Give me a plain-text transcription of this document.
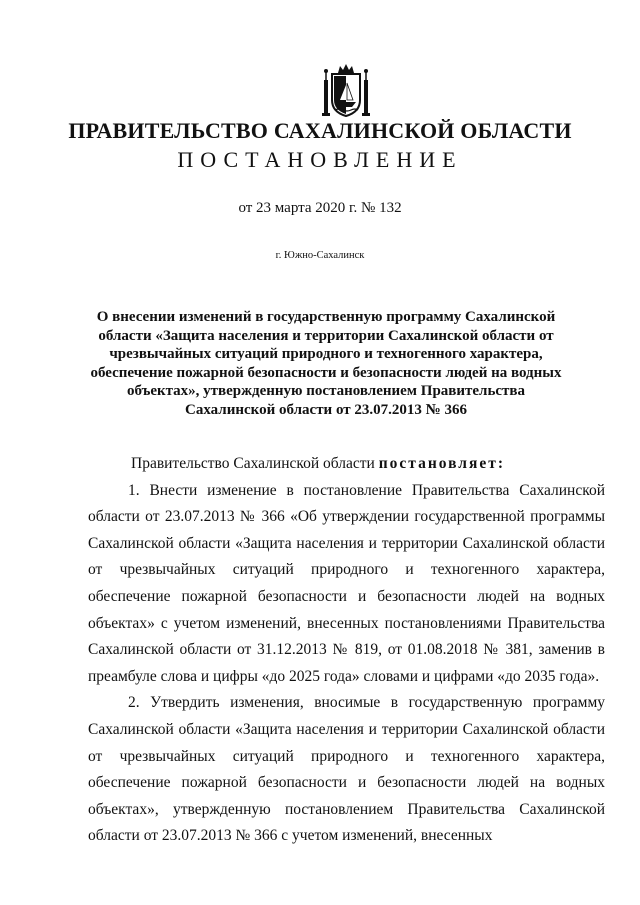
ПРАВИТЕЛЬСТВО САХАЛИНСКОЙ ОБЛАСТИ
ПОСТАНОВЛЕНИЕ
от 23 марта 2020 г. № 132
г. Южно-Сахалинск
О внесении изменений в государственную программу Сахалинской области «Защита населения и территории Сахалинской области от чрезвычайных ситуаций природного и техногенного характера, обеспечение пожарной безопасности и безопасности людей на водных объектах», утвержденную постановлением Правительства Сахалинской области от 23.07.2013 № 366

Правительство Сахалинской области постановляет:

1. Внести изменение в постановление Правительства Сахалинской области от 23.07.2013 № 366 «Об утверждении государственной программы Сахалинской области «Защита населения и территории Сахалинской области от чрезвычайных ситуаций природного и техногенного характера, обеспечение пожарной безопасности и безопасности людей на водных объектах» с учетом изменений, внесенных постановлениями Правительства Сахалинской области от 31.12.2013 № 819, от 01.08.2018 № 381, заменив в преамбуле слова и цифры «до 2025 года» словами и цифрами «до 2035 года».

2. Утвердить изменения, вносимые в государственную программу Сахалинской области «Защита населения и территории Сахалинской области от чрезвычайных ситуаций природного и техногенного характера, обеспечение пожарной безопасности и безопасности людей на водных объектах», утвержденную постановлением Правительства Сахалинской области от 23.07.2013 № 366 с учетом изменений, внесенных
